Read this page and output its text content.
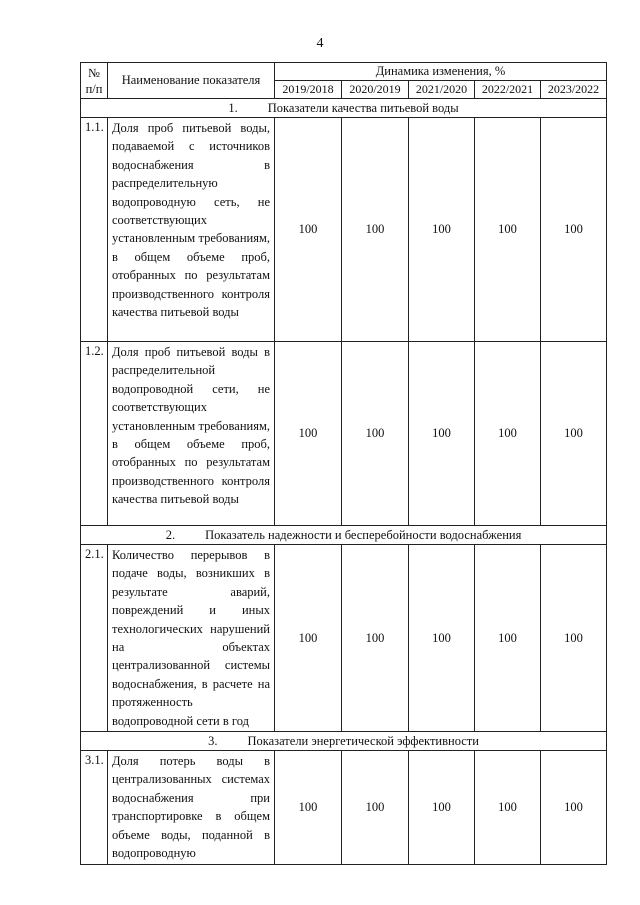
4
№ п/п	Наименование показателя	Динамика изменения, %				
		2019/2018	2020/2019	2021/2020	2022/2021	2023/2022
1. Показатели качества питьевой воды						
1.1.	Доля проб питьевой воды, подаваемой с источников водоснабжения в распределительную водопроводную сеть, не соответствующих установленным требованиям, в общем объеме проб, отобранных по результатам производственного контроля качества питьевой воды	100	100	100	100	100
1.2.	Доля проб питьевой воды в распределительной водопроводной сети, не соответствующих установленным требованиям, в общем объеме проб, отобранных по результатам производственного контроля качества питьевой воды	100	100	100	100	100
2. Показатель надежности и бесперебойности водоснабжения						
2.1.	Количество перерывов в подаче воды, возникших в результате аварий, повреждений и иных технологических нарушений на объектах централизованной системы водоснабжения, в расчете на протяженность водопроводной сети в год	100	100	100	100	100
3. Показатели энергетической эффективности						
3.1.	Доля потерь воды в централизованных системах водоснабжения при транспортировке в общем объеме воды, поданной в водопроводную	100	100	100	100	100
